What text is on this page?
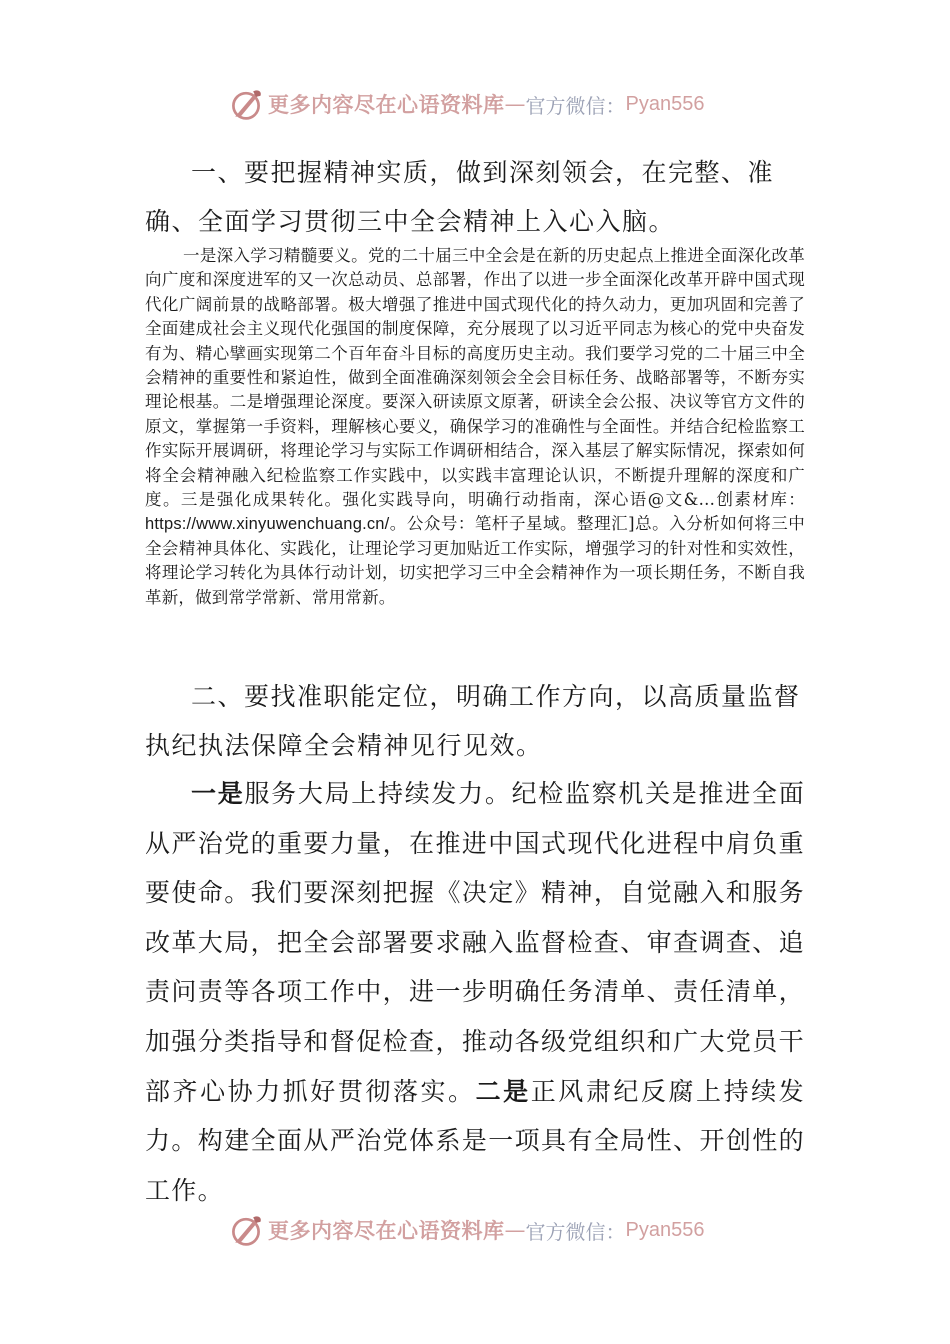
更多内容尽在心语资料库 — 官方微信： Pyan556
一、要把握精神实质，做到深刻领会，在完整、准确、全面学习贯彻三中全会精神上入心入脑。

一是深入学习精髓要义。党的二十届三中全会是在新的历史起点上推进全面深化改革向广度和深度进军的又一次总动员、总部署，作出了以进一步全面深化改革开辟中国式现代化广阔前景的战略部署。极大增强了推进中国式现代化的持久动力，更加巩固和完善了全面建成社会主义现代化强国的制度保障，充分展现了以习近平同志为核心的党中央奋发有为、精心擘画实现第二个百年奋斗目标的高度历史主动。我们要学习党的二十届三中全会精神的重要性和紧迫性，做到全面准确深刻领会全会目标任务、战略部署等，不断夯实理论根基。二是增强理论深度。要深入研读原文原著，研读全会公报、决议等官方文件的原文，掌握第一手资料，理解核心要义，确保学习的准确性与全面性。并结合纪检监察工作实际开展调研，将理论学习与实际工作调研相结合，深入基层了解实际情况，探索如何将全会精神融入纪检监察工作实践中，以实践丰富理论认识，不断提升理解的深度和广度。三是强化成果转化。强化实践导向，明确行动指南，深心语@文&…创素材库：https://www.xinyuwenchuang.cn/。公众号：笔杆子星域。整理汇]总。入分析如何将三中全会精神具体化、实践化，让理论学习更加贴近工作实际，增强学习的针对性和实效性，将理论学习转化为具体行动计划，切实把学习三中全会精神作为一项长期任务，不断自我革新，做到常学常新、常用常新。

二、要找准职能定位，明确工作方向，以高质量监督执纪执法保障全会精神见行见效。

一是服务大局上持续发力。纪检监察机关是推进全面从严治党的重要力量，在推进中国式现代化进程中肩负重要使命。我们要深刻把握《决定》精神，自觉融入和服务改革大局，把全会部署要求融入监督检查、审查调查、追责问责等各项工作中，进一步明确任务清单、责任清单，加强分类指导和督促检查，推动各级党组织和广大党员干部齐心协力抓好贯彻落实。二是正风肃纪反腐上持续发力。构建全面从严治党体系是一项具有全局性、开创性的工作。

更多内容尽在心语资料库 — 官方微信： Pyan556
